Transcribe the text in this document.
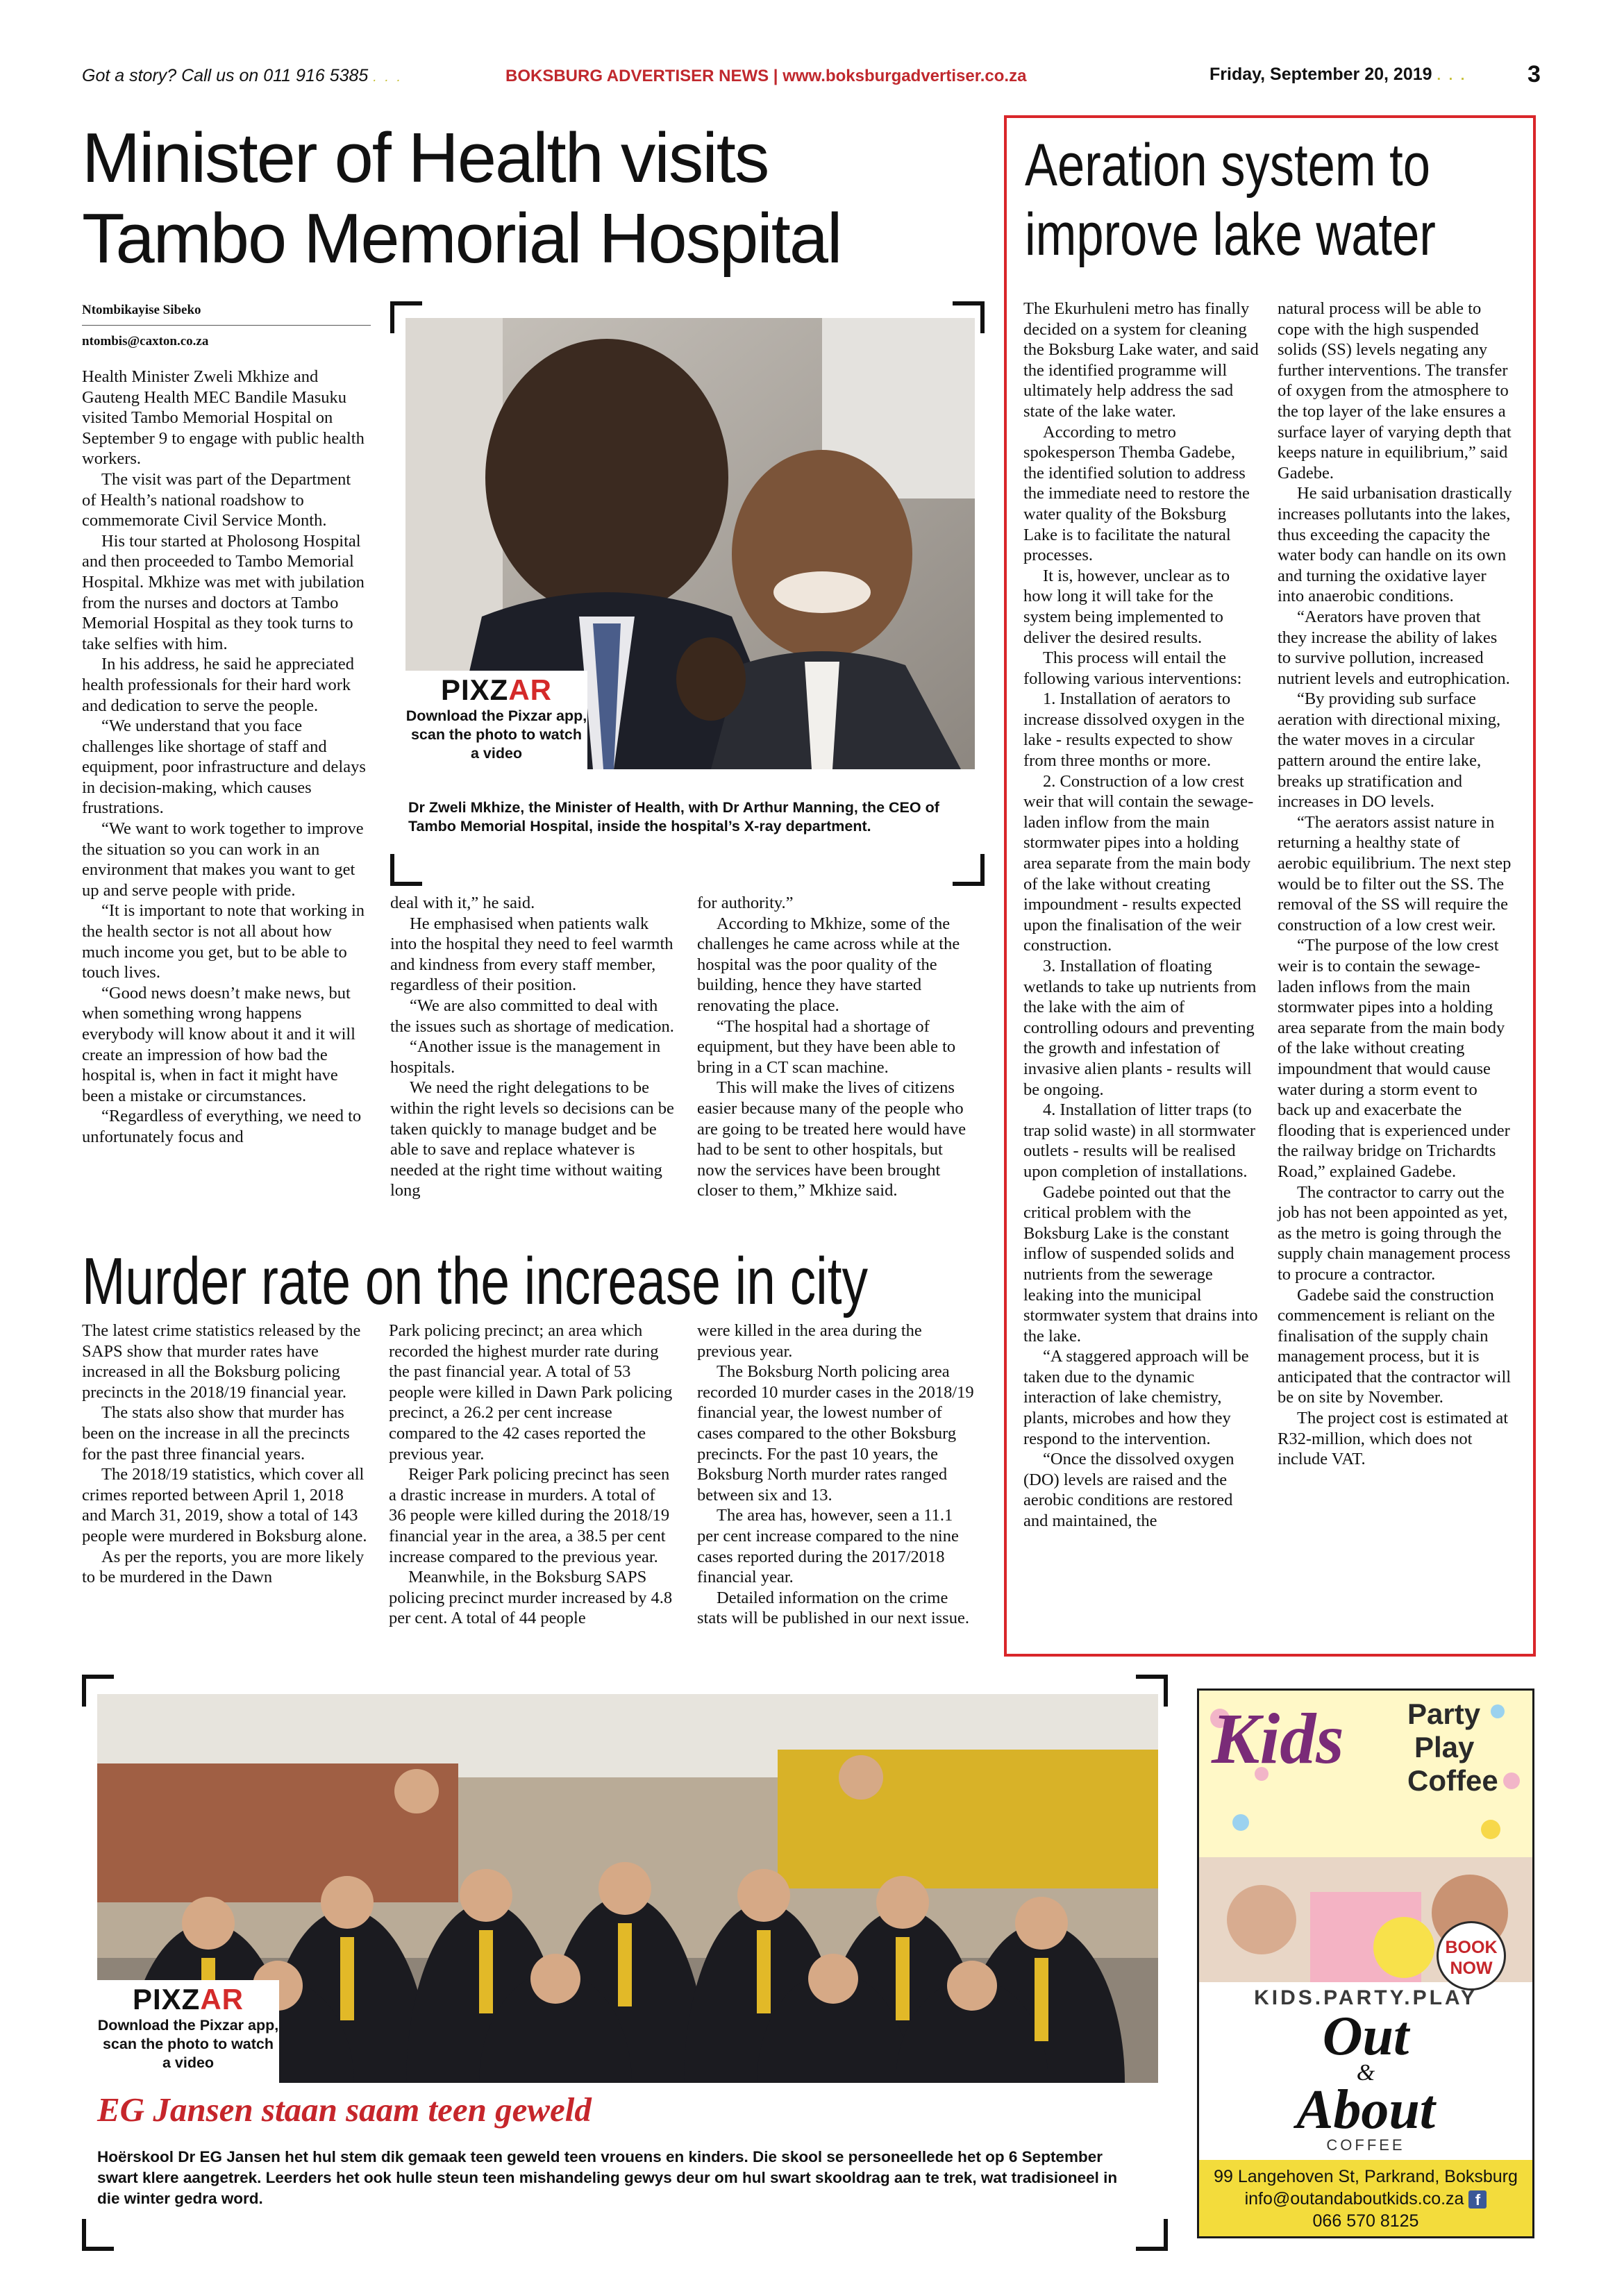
Got a story? Call us on 011 916 5385 . . .	BOKSBURG ADVERTISER NEWS | www.boksburgadvertiser.co.za	Friday, September 20, 2019 . . .	3
Minister of Health visits
Tambo Memorial Hospital
Ntombikayise Sibeko
ntombis@caxton.co.za

Health Minister Zweli Mkhize and Gauteng Health MEC Bandile Masuku visited Tambo Memorial Hospital on September 9 to engage with public health workers.

The visit was part of the Department of Health’s national roadshow to commemorate Civil Service Month.

His tour started at Pholosong Hospital and then proceeded to Tambo Memorial Hospital. Mkhize was met with jubilation from the nurses and doctors at Tambo Memorial Hospital as they took turns to take selfies with him.

In his address, he said he appreciated health professionals for their hard work and dedication to serve the people.

“We understand that you face challenges like shortage of staff and equipment, poor infrastructure and delays in decision-making, which causes frustrations.

“We want to work together to improve the situation so you can work in an environment that makes you want to get up and serve people with pride.

“It is important to note that working in the health sector is not all about how much income you get, but to be able to touch lives.

“Good news doesn’t make news, but when something wrong happens everybody will know about it and it will create an impression of how bad the hospital is, when in fact it might have been a mistake or circumstances.

“Regardless of everything, we need to unfortunately focus and

PIXZAR
Download the Pixzar app, scan the photo to watch a video
Dr Zweli Mkhize, the Minister of Health, with Dr Arthur Manning, the CEO of Tambo Memorial Hospital, inside the hospital’s X-ray department.

deal with it,” he said.

He emphasised when patients walk into the hospital they need to feel warmth and kindness from every staff member, regardless of their position.

“We are also committed to deal with the issues such as shortage of medication.

“Another issue is the management in hospitals.

We need the right delegations to be within the right levels so decisions can be taken quickly to manage budget and be able to save and replace whatever is needed at the right time without waiting long

for authority.”

According to Mkhize, some of the challenges he came across while at the hospital was the poor quality of the building, hence they have started renovating the place.

“The hospital had a shortage of equipment, but they have been able to bring in a CT scan machine.

This will make the lives of citizens easier because many of the people who are going to be treated here would have had to be sent to other hospitals, but now the services have been brought closer to them,” Mkhize said.

Aeration system to
improve lake water

The Ekurhuleni metro has finally decided on a system for cleaning the Boksburg Lake water, and said the identified programme will ultimately help address the sad state of the lake water.

According to metro spokesperson Themba Gadebe, the identified solution to address the immediate need to restore the water quality of the Boksburg Lake is to facilitate the natural processes.

It is, however, unclear as to how long it will take for the system being implemented to deliver the desired results.

This process will entail the following various interventions:

1. Installation of aerators to increase dissolved oxygen in the lake - results expected to show from three months or more.

2. Construction of a low crest weir that will contain the sewage-laden inflow from the main stormwater pipes into a holding area separate from the main body of the lake without creating impoundment - results expected upon the finalisation of the weir construction.

3. Installation of floating wetlands to take up nutrients from the lake with the aim of controlling odours and preventing the growth and infestation of invasive alien plants - results will be ongoing.

4. Installation of litter traps (to trap solid waste) in all stormwater outlets - results will be realised upon completion of installations.

Gadebe pointed out that the critical problem with the Boksburg Lake is the constant inflow of suspended solids and nutrients from the sewerage leaking into the municipal stormwater system that drains into the lake.

“A staggered approach will be taken due to the dynamic interaction of lake chemistry, plants, microbes and how they respond to the intervention.

“Once the dissolved oxygen (DO) levels are raised and the aerobic conditions are restored and maintained, the

natural process will be able to cope with the high suspended solids (SS) levels negating any further interventions. The transfer of oxygen from the atmosphere to the top layer of the lake ensures a surface layer of varying depth that keeps nature in equilibrium,” said Gadebe.

He said urbanisation drastically increases pollutants into the lakes, thus exceeding the capacity the water body can handle on its own and turning the oxidative layer into anaerobic conditions.

“Aerators have proven that they increase the ability of lakes to survive pollution, increased nutrient levels and eutrophication.

“By providing sub surface aeration with directional mixing, the water moves in a circular pattern around the entire lake, breaks up stratification and increases in DO levels.

“The aerators assist nature in returning a healthy state of aerobic equilibrium. The next step would be to filter out the SS. The removal of the SS will require the construction of a low crest weir.

“The purpose of the low crest weir is to contain the sewage-laden inflows from the main stormwater pipes into a holding area separate from the main body of the lake without creating impoundment that would cause water during a storm event to back up and exacerbate the flooding that is experienced under the railway bridge on Trichardts Road,” explained Gadebe.

The contractor to carry out the job has not been appointed as yet, as the metro is going through the supply chain management process to procure a contractor.

Gadebe said the construction commencement is reliant on the finalisation of the supply chain management process, but it is anticipated that the contractor will be on site by November.

The project cost is estimated at R32-million, which does not include VAT.

Murder rate on the increase in city

The latest crime statistics released by the SAPS show that murder rates have increased in all the Boksburg policing precincts in the 2018/19 financial year.

The stats also show that murder has been on the increase in all the precincts for the past three financial years.

The 2018/19 statistics, which cover all crimes reported between April 1, 2018 and March 31, 2019, show a total of 143 people were murdered in Boksburg alone.

As per the reports, you are more likely to be murdered in the Dawn

Park policing precinct; an area which recorded the highest murder rate during the past financial year. A total of 53 people were killed in Dawn Park policing precinct, a 26.2 per cent increase compared to the 42 cases reported the previous year.

Reiger Park policing precinct has seen a drastic increase in murders. A total of 36 people were killed during the 2018/19 financial year in the area, a 38.5 per cent increase compared to the previous year.

Meanwhile, in the Boksburg SAPS policing precinct murder increased by 4.8 per cent. A total of 44 people

were killed in the area during the previous year.

The Boksburg North policing area recorded 10 murder cases in the 2018/19 financial year, the lowest number of cases compared to the other Boksburg precincts. For the past 10 years, the Boksburg North murder rates ranged between six and 13.

The area has, however, seen a 11.1 per cent increase compared to the nine cases reported during the 2017/2018 financial year.

Detailed information on the crime stats will be published in our next issue.

PIXZAR
Download the Pixzar app, scan the photo to watch a video
EG Jansen staan saam teen geweld
Hoërskool Dr EG Jansen het hul stem dik gemaak teen geweld teen vrouens en kinders. Die skool se personeellede het op 6 September swart klere aangetrek. Leerders het ook hulle steun teen mishandeling gewys deur om hul swart skooldrag aan te trek, wat tradisioneel in die winter gedra word.
Kids Party
Play
Coffee
BOOK NOW
KIDS.PARTY.PLAY
Out
&
About
COFFEE
99 Langehoven St, Parkrand, Boksburg
info@outandaboutkids.co.za f
066 570 8125
